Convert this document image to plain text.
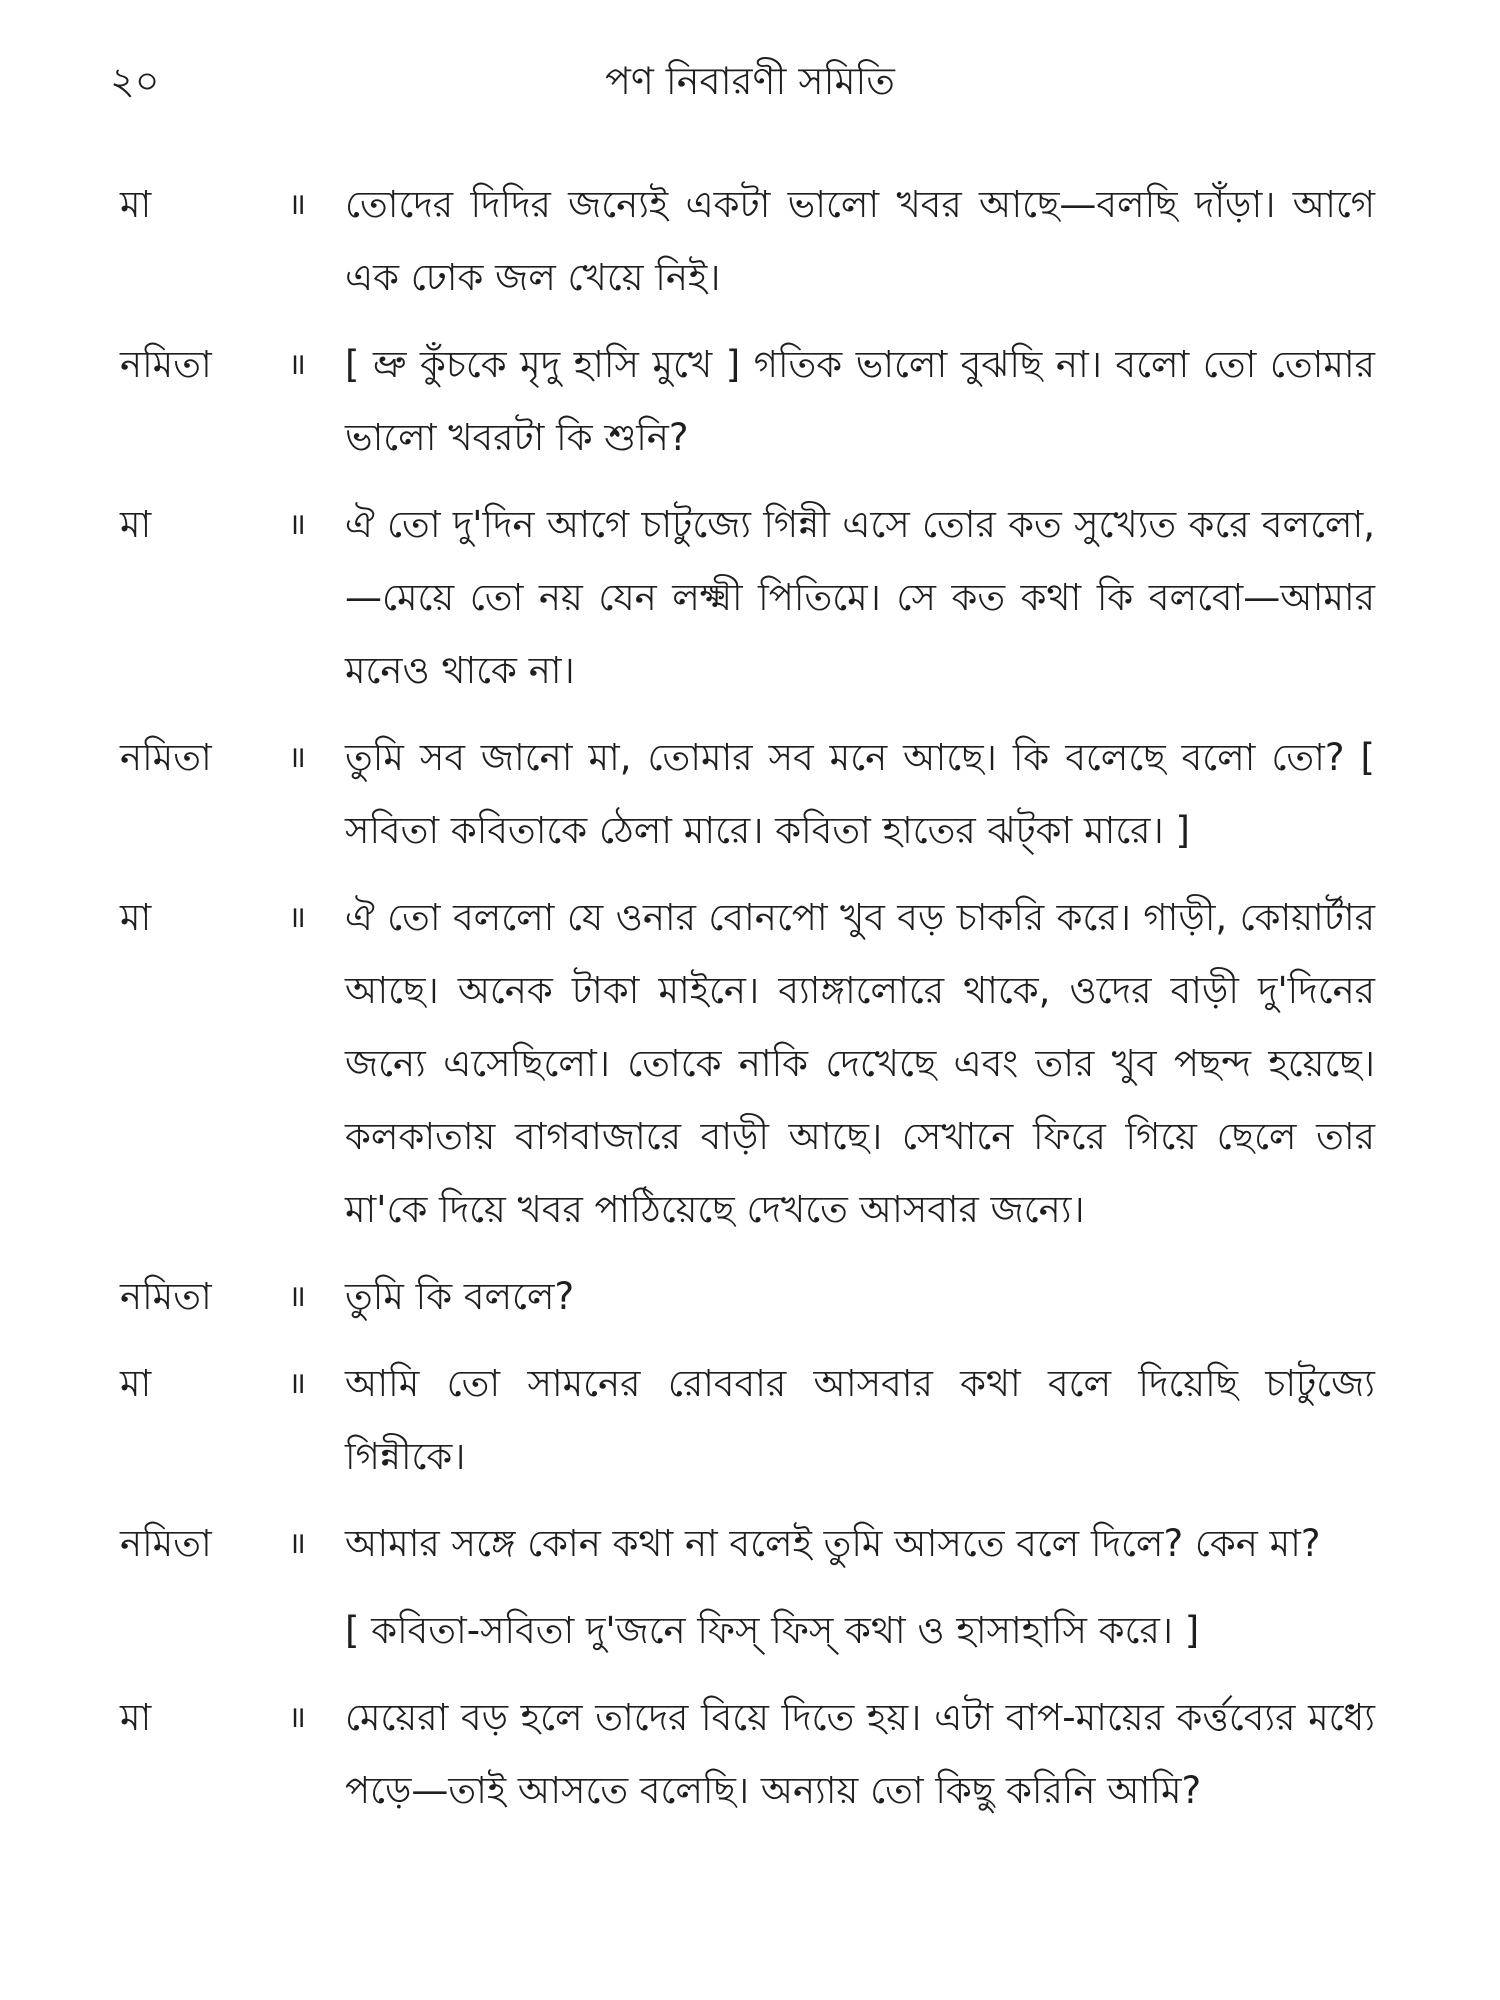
২০	পণ নিবারণী সমিতি
মা	॥ তোদের দিদির জন্যেই একটা ভালো খবর আছে—বলছি দাঁড়া। আগে এক ঢোক জল খেয়ে নিই।
নমিতা	॥ [ ভ্রু কুঁচকে মৃদু হাসি মুখে ] গতিক ভালো বুঝছি না। বলো তো তোমার ভালো খবরটা কি শুনি?
মা	॥ ঐ তো দু'দিন আগে চাটুজ্যে গিন্নী এসে তোর কত সুখ্যেত করে বললো,—মেয়ে তো নয় যেন লক্ষ্মী পিতিমে। সে কত কথা কি বলবো—আমার মনেও থাকে না।
নমিতা	॥ তুমি সব জানো মা, তোমার সব মনে আছে। কি বলেছে বলো তো? [ সবিতা কবিতাকে ঠেলা মারে। কবিতা হাতের ঝট্‌কা মারে। ]
মা	॥ ঐ তো বললো যে ওনার বোনপো খুব বড় চাকরি করে। গাড়ী, কোয়ার্টার আছে। অনেক টাকা মাইনে। ব্যাঙ্গালোরে থাকে, ওদের বাড়ী দু'দিনের জন্যে এসেছিলো। তোকে নাকি দেখেছে এবং তার খুব পছন্দ হয়েছে। কলকাতায় বাগবাজারে বাড়ী আছে। সেখানে ফিরে গিয়ে ছেলে তার মা'কে দিয়ে খবর পাঠিয়েছে দেখতে আসবার জন্যে।
নমিতা	॥ তুমি কি বললে?
মা	॥ আমি তো সামনের রোববার আসবার কথা বলে দিয়েছি চাটুজ্যে গিন্নীকে।
নমিতা	॥ আমার সঙ্গে কোন কথা না বলেই তুমি আসতে বলে দিলে? কেন মা?
[ কবিতা-সবিতা দু'জনে ফিস্ ফিস্ কথা ও হাসাহাসি করে। ]
মা	॥ মেয়েরা বড় হলে তাদের বিয়ে দিতে হয়। এটা বাপ-মায়ের কর্ত্তব্যের মধ্যে পড়ে—তাই আসতে বলেছি। অন্যায় তো কিছু করিনি আমি?
